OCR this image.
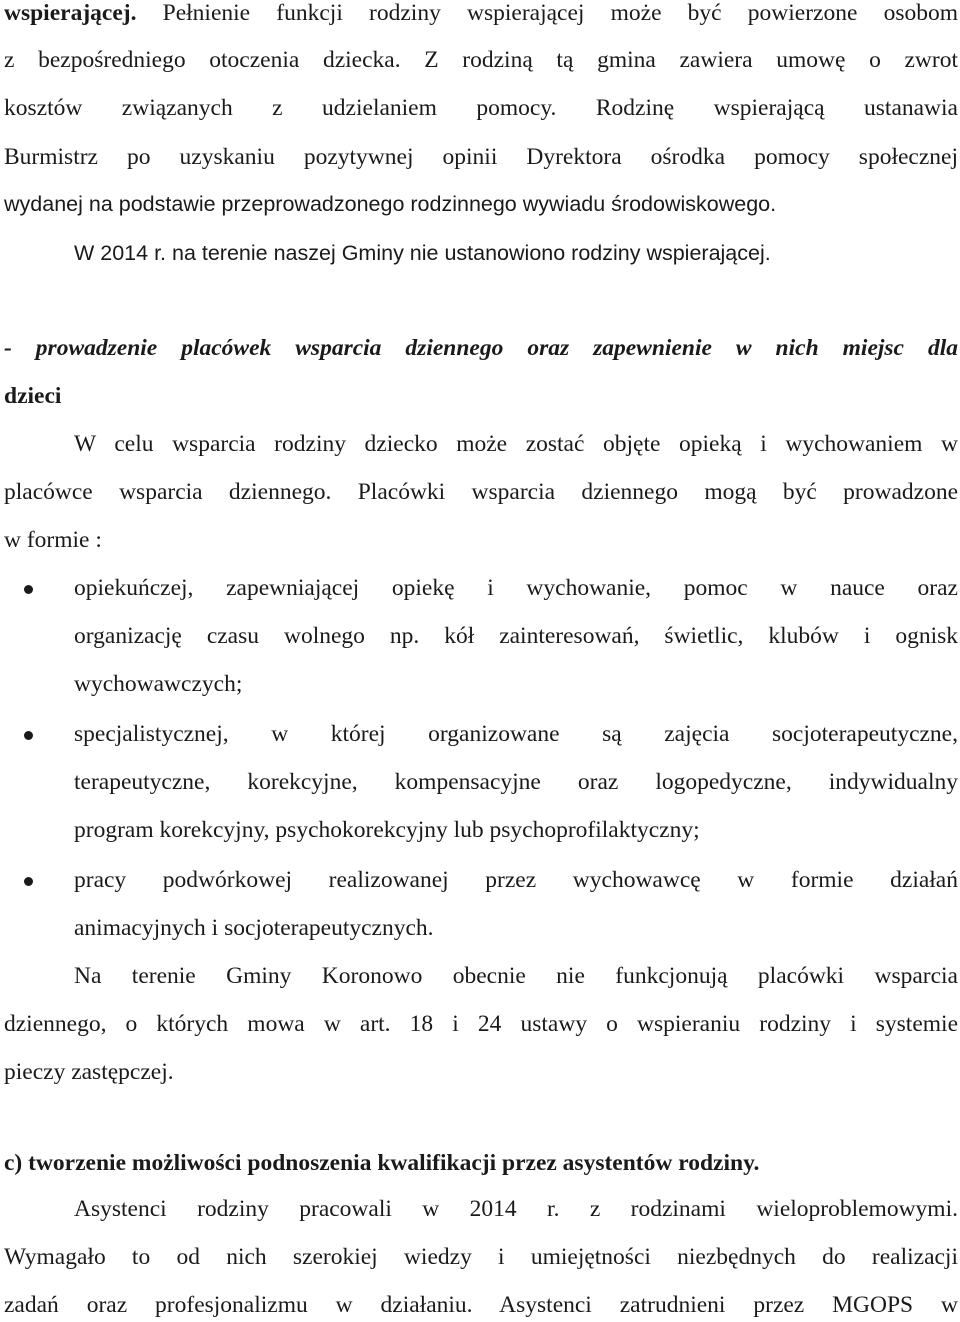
wspierającej. Pełnienie funkcji rodziny wspierającej może być powierzone osobom
z bezpośredniego otoczenia dziecka. Z rodziną tą gmina zawiera umowę o zwrot
kosztów związanych z udzielaniem pomocy. Rodzinę wspierającą ustanawia
Burmistrz po uzyskaniu pozytywnej opinii Dyrektora ośrodka pomocy społecznej
wydanej na podstawie przeprowadzonego rodzinnego wywiadu środowiskowego.
W 2014 r. na terenie naszej Gminy nie ustanowiono rodziny wspierającej.
- prowadzenie placówek wsparcia dziennego oraz zapewnienie w nich miejsc dla
dzieci
W celu wsparcia rodziny dziecko może zostać objęte opieką i wychowaniem w
placówce wsparcia dziennego. Placówki wsparcia dziennego mogą być prowadzone
w formie :
opiekuńczej, zapewniającej opiekę i wychowanie, pomoc w nauce oraz
organizację czasu wolnego np. kół zainteresowań, świetlic, klubów i ognisk
wychowawczych;
specjalistycznej, w której organizowane są zajęcia socjoterapeutyczne,
terapeutyczne, korekcyjne, kompensacyjne oraz logopedyczne, indywidualny
program korekcyjny, psychokorekcyjny lub psychoprofilaktyczny;
pracy podwórkowej realizowanej przez wychowawcę w formie działań
animacyjnych i socjoterapeutycznych.
Na terenie Gminy Koronowo obecnie nie funkcjonują placówki wsparcia
dziennego, o których mowa w art. 18 i 24 ustawy o wspieraniu rodziny i systemie
pieczy zastępczej.
c) tworzenie możliwości podnoszenia kwalifikacji przez asystentów rodziny.
Asystenci rodziny pracowali w 2014 r. z rodzinami wieloproblemowymi.
Wymagało to od nich szerokiej wiedzy i umiejętności niezbędnych do realizacji
zadań oraz profesjonalizmu w działaniu. Asystenci zatrudnieni przez MGOPS w
